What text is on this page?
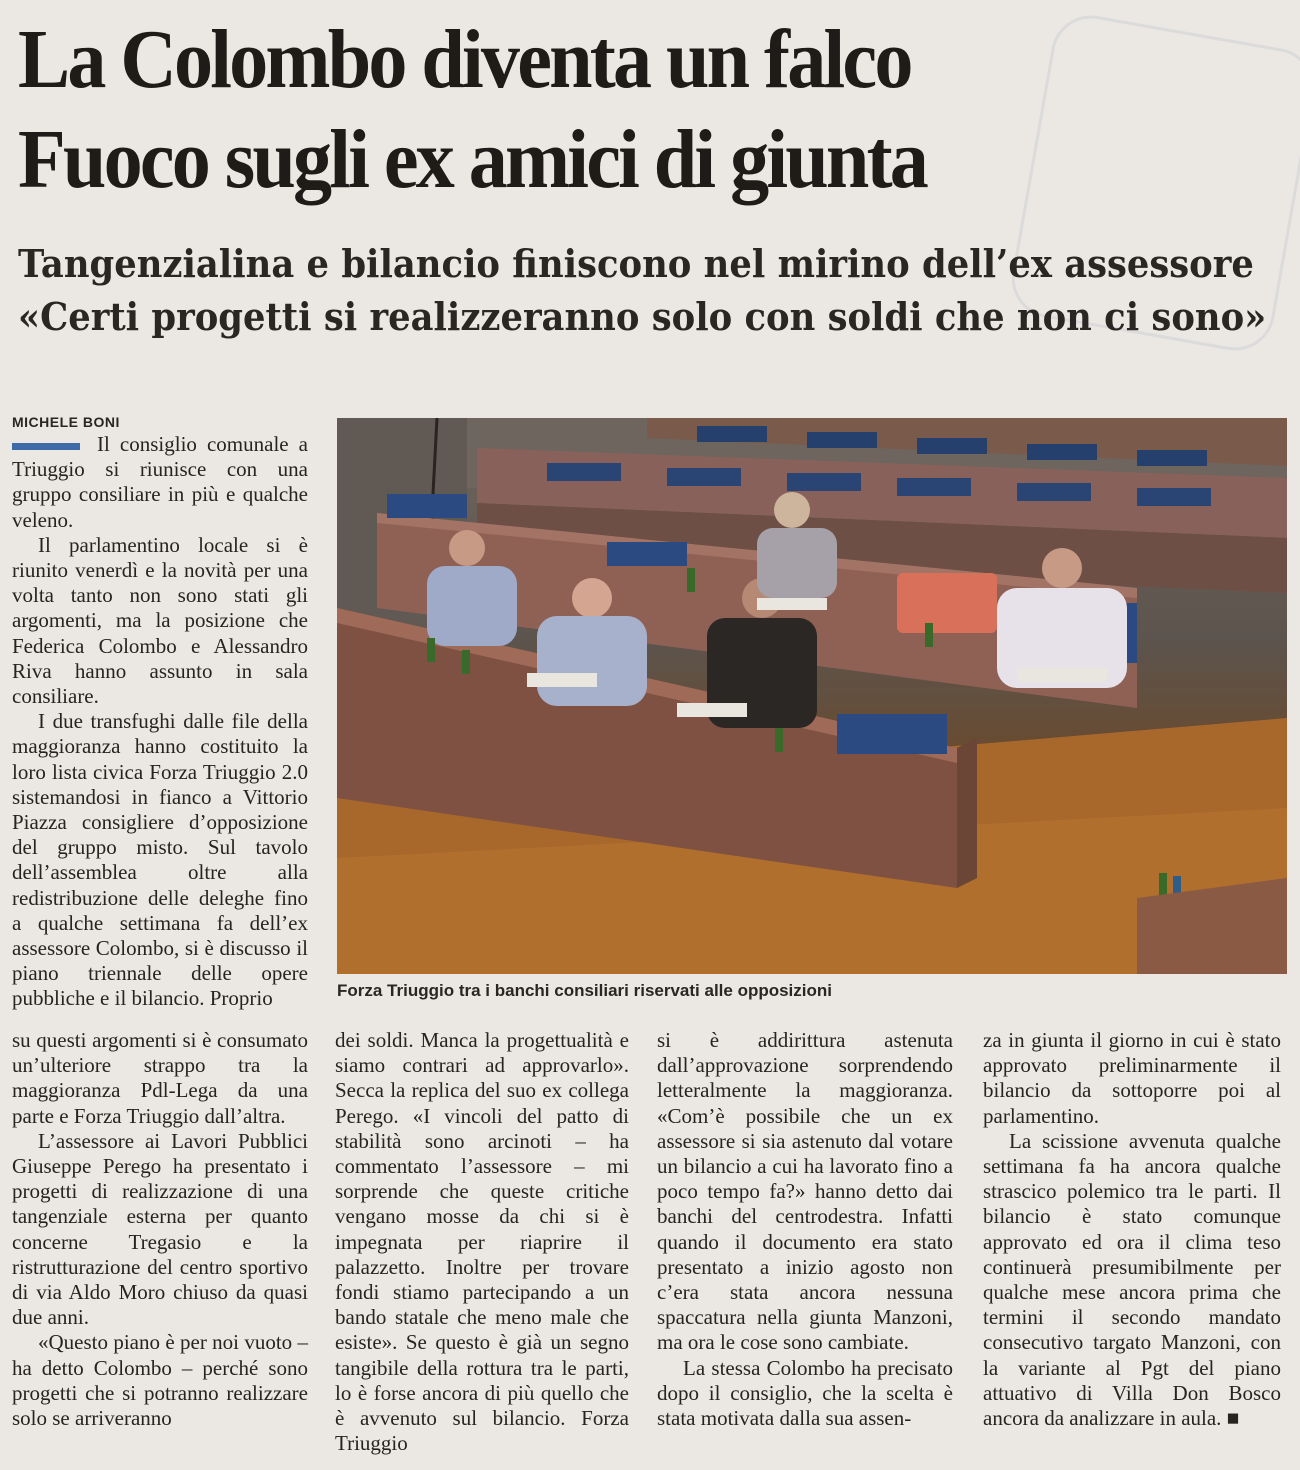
La Colombo diventa un falco
Fuoco sugli ex amici di giunta
Tangenzialina e bilancio finiscono nel mirino dell’ex assessore
«Certi progetti si realizzeranno solo con soldi che non ci sono»
MICHELE BONI

Il consiglio comunale a Triuggio si riunisce con una gruppo consiliare in più e qualche veleno.

Il parlamentino locale si è riunito venerdì e la novità per una volta tanto non sono stati gli argomenti, ma la posizione che Federica Colombo e Alessandro Riva hanno assunto in sala consiliare.

I due transfughi dalle file della maggioranza hanno costituito la loro lista civica Forza Triuggio 2.0 sistemandosi in fianco a Vittorio Piazza consigliere d’opposizione del gruppo misto. Sul tavolo dell’assemblea oltre alla redistribuzione delle deleghe fino a qualche settimana fa dell’ex assessore Colombo, si è discusso il piano triennale delle opere pubbliche e il bilancio. Proprio	Forza Triuggio tra i banchi consiliari riservati alle opposizioni

su questi argomenti si è consumato un’ulteriore strappo tra la maggioranza Pdl-Lega da una parte e Forza Triuggio dall’altra.

L’assessore ai Lavori Pubblici Giuseppe Perego ha presentato i progetti di realizzazione di una tangenziale esterna per quanto concerne Tregasio e la ristrutturazione del centro sportivo di via Aldo Moro chiuso da quasi due anni.

«Questo piano è per noi vuoto – ha detto Colombo – perché sono progetti che si potranno realizzare solo se arriveranno

dei soldi. Manca la progettualità e siamo contrari ad approvarlo». Secca la replica del suo ex collega Perego. «I vincoli del patto di stabilità sono arcinoti – ha commentato l’assessore – mi sorprende che queste critiche vengano mosse da chi si è impegnata per riaprire il palazzetto. Inoltre per trovare fondi stiamo partecipando a un bando statale che meno male che esiste». Se questo è già un segno tangibile della rottura tra le parti, lo è forse ancora di più quello che è avvenuto sul bilancio. Forza Triuggio

si è addirittura astenuta dall’approvazione sorprendendo letteralmente la maggioranza. «Com’è possibile che un ex assessore si sia astenuto dal votare un bilancio a cui ha lavorato fino a poco tempo fa?» hanno detto dai banchi del centrodestra. Infatti quando il documento era stato presentato a inizio agosto non c’era stata ancora nessuna spaccatura nella giunta Manzoni, ma ora le cose sono cambiate.

La stessa Colombo ha precisato dopo il consiglio, che la scelta è stata motivata dalla sua assen-

za in giunta il giorno in cui è stato approvato preliminarmente il bilancio da sottoporre poi al parlamentino.

La scissione avvenuta qualche settimana fa ha ancora qualche strascico polemico tra le parti. Il bilancio è stato comunque approvato ed ora il clima teso continuerà presumibilmente per qualche mese ancora prima che termini il secondo mandato consecutivo targato Manzoni, con la variante al Pgt del piano attuativo di Villa Don Bosco ancora da analizzare in aula. ■
